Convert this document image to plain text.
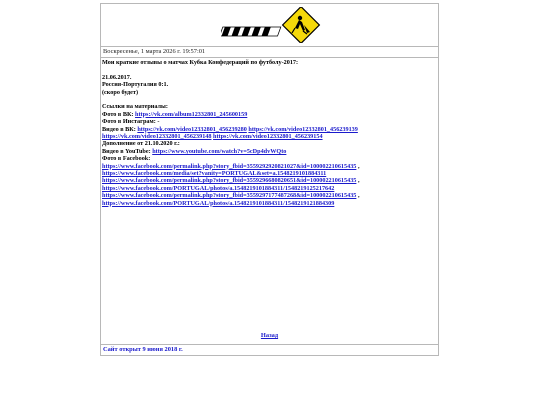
Воскресенье, 1 марта 2026 г. 19:57:01
Мои краткие отзывы о матчах Кубка Конфедераций по футболу-2017:
21.06.2017.
Россия-Португалия 0:1.
(скоро будет)
Ссылки на материалы:
Фото в ВК: https://vk.com/album12332801_245600159
Фото в Инстаграм: -
Видео в ВК: https://vk.com/video12332801_456239280 https://vk.com/video12332801_456239139
https://vk.com/video12332801_456239148 https://vk.com/video12332801_456239154
Дополнение от 21.10.2020 г.:
Видео в YouTube: https://www.youtube.com/watch?v=5cDp4dvWQto
Фото в Facebook:
https://www.facebook.com/permalink.php?story_fbid=3559292920821027&id=100002210615435 ,
https://www.facebook.com/media/set?vanity=PORTUGAL&set=a.1548219101884311
https://www.facebook.com/permalink.php?story_fbid=3559296680820651&id=100002210615435 ,
https://www.facebook.com/PORTUGAL/photos/a.1548219101884311/1548219125217642
https://www.facebook.com/permalink.php?story_fbid=3559297177487268&id=100002210615435 ,
https://www.facebook.com/PORTUGAL/photos/a.1548219101884311/1548219121884309
Назад
Сайт открыт 9 июня 2018 г.
